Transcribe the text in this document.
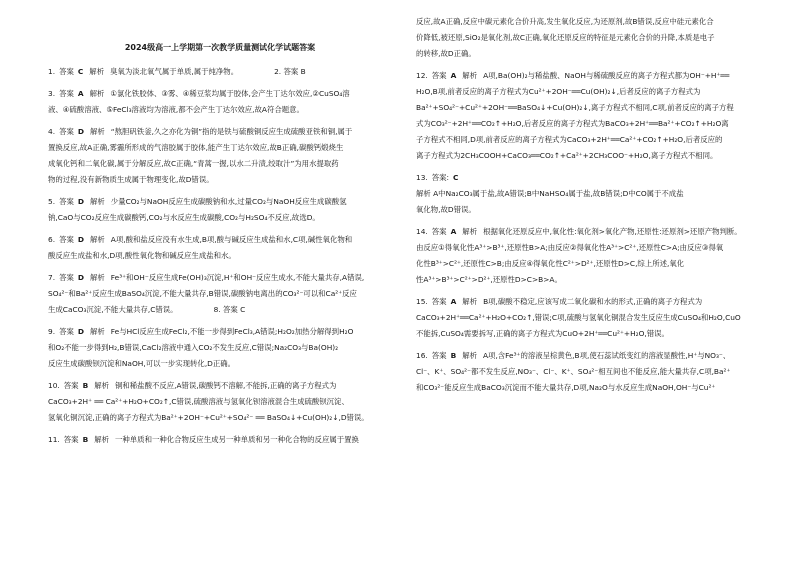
2024级高一上学期第一次教学质量测试化学试题答案
1. 答案 C 解析 臭氧为淡北氧气属于单质,属于纯净物。	2. 答案 B
3. 答案 A 解析 ①氯化铁胶体、③雾、④稀豆浆均属于胶体,会产生丁达尔效应,②CuSO₄溶
液、④硫酸溶液、⑤FeCl₃溶液均为溶液,都不会产生丁达尔效应,故A符合题意。
4. 答案 D 解析 “熬胆矾铁釜,久之亦化为铜”指的是铁与硫酸铜反应生成硫酸亚铁和铜,属于
置换反应,故A正确,雾霾所形成的气溶胶属于胶体,能产生丁达尔效应,故B正确,碳酸钙煅烧生
成氧化钙和二氧化碳,属于分解反应,故C正确,“青蒿一握,以水二升渍,绞取汁”为用水提取药
物的过程,没有新物质生成属于物理变化,故D错误。
5. 答案 D 解析 少量CO₂与NaOH反应生成碳酸钠和水,过量CO₂与NaOH反应生成碳酸氢
钠,CaO与CO₂反应生成碳酸钙,CO₂与水反应生成碳酸,CO₂与H₂SO₄不反应,故选D。
6. 答案 D 解析 A项,酸和盐反应没有水生成,B项,酸与碱反应生成盐和水,C项,碱性氧化物和
酸反应生成盐和水,D项,酸性氧化物和碱反应生成盐和水。
7. 答案 D 解析 Fe³⁺和OH⁻反应生成Fe(OH)₃沉淀,H⁺和OH⁻反应生成水,不能大量共存,A错误,
SO₄²⁻和Ba²⁺反应生成BaSO₄沉淀,不能大量共存,B错误,碳酸钠电离出的CO₃²⁻可以和Ca²⁺反应
生成CaCO₃沉淀,不能大量共存,C错误。	8. 答案 C
9. 答案 D 解析 Fe与HCl反应生成FeCl₂,不能一步得到FeCl₃,A错误;H₂O₂加热分解得到H₂O
和O₂不能一步得到H₂,B错误,CaCl₂溶液中通入CO₂不发生反应,C错误;Na₂CO₃与Ba(OH)₂
反应生成碳酸钡沉淀和NaOH,可以一步实现转化,D正确。
10. 答案 B 解析 铜和稀盐酸不反应,A错误,碳酸钙不溶解,不能拆,正确的离子方程式为
CaCO₃+2H⁺ ══ Ca²⁺+H₂O+CO₂↑,C错误,硫酸溶液与氢氧化钡溶液混合生成硫酸钡沉淀、
氢氧化铜沉淀,正确的离子方程式为Ba²⁺+2OH⁻+Cu²⁺+SO₄²⁻ ══ BaSO₄↓+Cu(OH)₂↓,D错误。
11. 答案 B 解析 一种单质和一种化合物反应生成另一种单质和另一种化合物的反应属于置换
反应,故A正确,反应中碳元素化合价升高,发生氧化反应,为还原剂,故B错误,反应中硅元素化合
价降低,被还原,SiO₂是氧化剂,故C正确,氧化还原反应的特征是元素化合价的升降,本质是电子
的转移,故D正确。
12. 答案 A 解析 A项,Ba(OH)₂与稀盐酸、NaOH与稀硫酸反应的离子方程式都为OH⁻+H⁺══
H₂O,B项,前者反应的离子方程式为Cu²⁺+2OH⁻══Cu(OH)₂↓,后者反应的离子方程式为
Ba²⁺+SO₄²⁻+Cu²⁺+2OH⁻══BaSO₄↓+Cu(OH)₂↓,离子方程式不相同,C项,前者反应的离子方程
式为CO₃²⁻+2H⁺══CO₂↑+H₂O,后者反应的离子方程式为BaCO₃+2H⁺══Ba²⁺+CO₂↑+H₂O离
子方程式不相同,D项,前者反应的离子方程式为CaCO₃+2H⁺══Ca²⁺+CO₂↑+H₂O,后者反应的
离子方程式为2CH₃COOH+CaCO₃══CO₂↑+Ca²⁺+2CH₃COO⁻+H₂O,离子方程式不相同。
13. 答案: C
解析 A中Na₂CO₃属于盐,故A错误;B中NaHSO₄属于盐,故B错误;D中CO属于不成盐
氧化物,故D错误。
14. 答案 A 解析 根据氧化还原反应中,氧化性:氧化剂>氧化产物,还原性:还原剂>还原产物判断。
由反应①得氧化性A³⁺>B³⁺,还原性B>A;由反应②得氧化性A³⁺>C²⁺,还原性C>A;由反应③得氧
化性B³⁺>C²⁺,还原性C>B;由反应④得氧化性C²⁺>D²⁺,还原性D>C,综上所述,氧化
性A³⁺>B³⁺>C²⁺>D²⁺,还原性D>C>B>A。
15. 答案 A 解析 B项,碳酸不稳定,应该写成二氧化碳和水的形式,正确的离子方程式为
CaCO₃+2H⁺══Ca²⁺+H₂O+CO₂↑,错误;C项,硫酸与氢氧化铜混合发生反应生成CuSO₄和H₂O,CuO
不能拆,CuSO₄需要拆写,正确的离子方程式为CuO+2H⁺══Cu²⁺+H₂O,错误。
16. 答案 B 解析 A项,含Fe³⁺的溶液呈棕黄色,B项,使石蕊试纸变红的溶液显酸性,H⁺与NO₃⁻、
Cl⁻、K⁺、SO₄²⁻都不发生反应,NO₃⁻、Cl⁻、K⁺、SO₄²⁻相互间也不能反应,能大量共存,C项,Ba²⁺
和CO₃²⁻能反应生成BaCO₃沉淀而不能大量共存,D项,Na₂O与水反应生成NaOH,OH⁻与Cu²⁺
